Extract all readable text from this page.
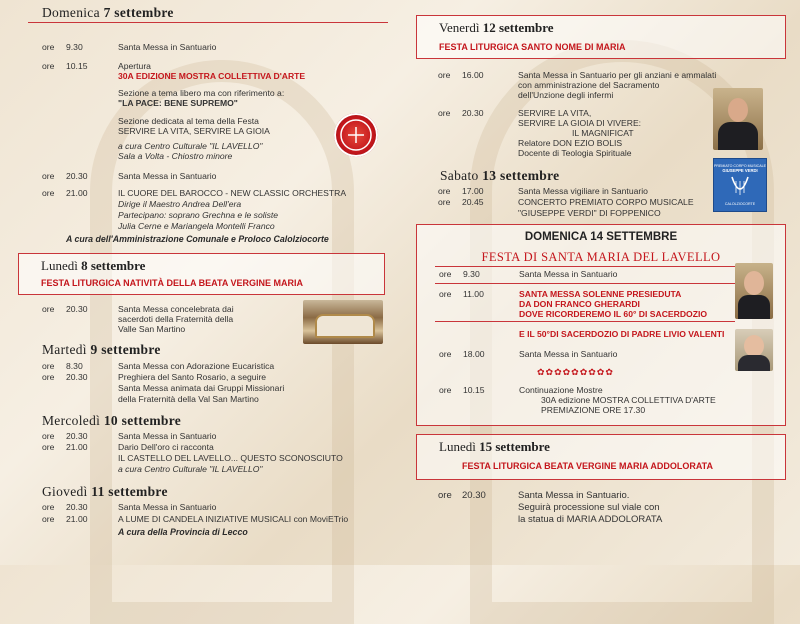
Domenica 7 settembre
ore	9.30	Santa Messa in Santuario
ore	10.15	Apertura
30A EDIZIONE MOSTRA COLLETTIVA D'ARTE
Sezione a tema libero ma con riferimento a:
"LA PACE: BENE SUPREMO"
Sezione dedicata al tema della Festa
SERVIRE LA VITA, SERVIRE LA GIOIA
a cura Centro Culturale "IL LAVELLO"
Sala a Volta - Chiostro minore
ore	20.30	Santa Messa in Santuario
ore	21.00	IL CUORE DEL BAROCCO - NEW CLASSIC ORCHESTRA
Dirige il Maestro Andrea Dell'era
Partecipano: soprano Grechna e le soliste
Julia Cerne e Mariangela Montelli Franco
A cura dell'Amministrazione Comunale e Proloco Calolziocorte
Lunedì 8 settembre
FESTA LITURGICA NATIVITÀ DELLA BEATA VERGINE MARIA
ore	20.30	Santa Messa concelebrata dai
sacerdoti della Fraternità della
Valle San Martino
Martedì 9 settembre
ore	8.30	Santa Messa con Adorazione Eucaristica
ore	20.30	Preghiera del Santo Rosario, a seguire
Santa Messa animata dai Gruppi Missionari
della Fraternità della Val San Martino
Mercoledì 10 settembre
ore	20.30	Santa Messa in Santuario
ore	21.00	Dario Dell'oro ci racconta
IL CASTELLO DEL LAVELLO... QUESTO SCONOSCIUTO
a cura Centro Culturale "IL LAVELLO"
Giovedì 11 settembre
ore	20.30	Santa Messa in Santuario
ore	21.00	A LUME DI CANDELA INIZIATIVE MUSICALI con MoviETrio
A cura della Provincia di Lecco
Venerdì 12 settembre
FESTA LITURGICA SANTO NOME DI MARIA
ore	16.00	Santa Messa in Santuario per gli anziani e ammalati
con amministrazione del Sacramento
dell'Unzione degli infermi
ore	20.30	SERVIRE LA VITA,
SERVIRE LA GIOIA DI VIVERE:
IL MAGNIFICAT
Relatore DON EZIO BOLIS
Docente di Teologia Spirituale
Sabato 13 settembre
ore	17.00	Santa Messa vigiliare in Santuario
ore	20.45	CONCERTO PREMIATO CORPO MUSICALE
"GIUSEPPE VERDI" DI FOPPENICO
PREMIATO CORPO MUSICALE
GIUSEPPE VERDI
CALOLZIOCORTE
DOMENICA 14 SETTEMBRE
FESTA DI SANTA MARIA DEL LAVELLO
ore	9.30	Santa Messa in Santuario
ore	11.00	SANTA MESSA SOLENNE PRESIEDUTA
DA DON FRANCO GHERARDI
DOVE RICORDEREMO IL 60° DI SACERDOZIO
E IL 50°DI SACERDOZIO DI PADRE LIVIO VALENTI
ore	18.00	Santa Messa in Santuario
✿✿✿✿✿✿✿✿✿
ore	10.15	Continuazione Mostre
30A edizione MOSTRA COLLETTIVA D'ARTE
PREMIAZIONE ORE 17.30
Lunedì 15 settembre
FESTA LITURGICA BEATA VERGINE MARIA ADDOLORATA
ore	20.30	Santa Messa in Santuario.
Seguirà processione sul viale con
la statua di MARIA ADDOLORATA
